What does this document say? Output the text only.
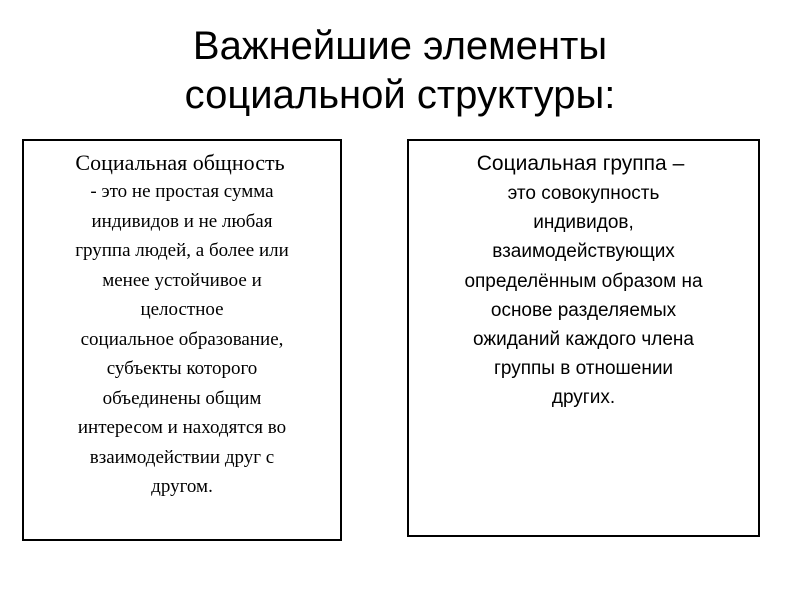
Важнейшие элементы
социальной структуры:
Социальная общность
- это не простая сумма
индивидов и не любая
группа людей, а более или
менее устойчивое и
целостное
социальное образование,
субъекты которого
объединены общим
интересом и находятся во
взаимодействии друг с
другом.
Социальная группа –
это совокупность
индивидов,
взаимодействующих
определённым образом на
основе разделяемых
ожиданий каждого члена
группы в отношении
других.
